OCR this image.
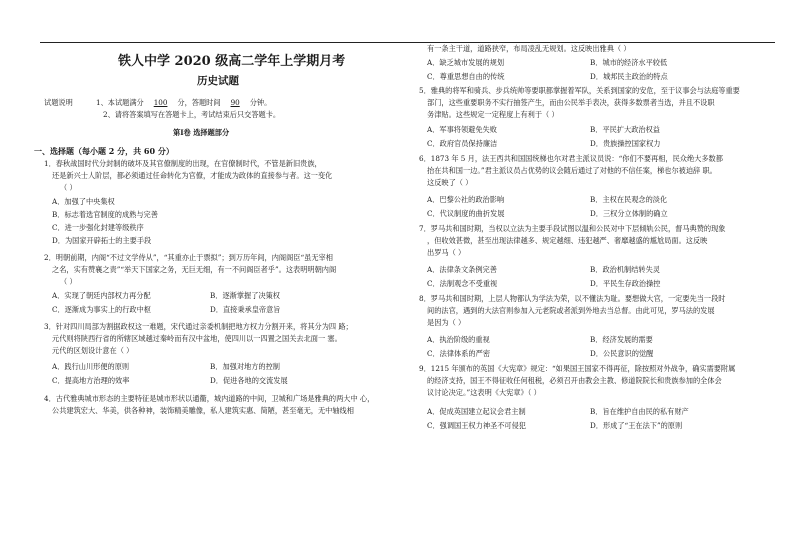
铁人中学 2020 级高二学年上学期月考
历史试题
试题说明	1、本试题满分 100 分，答题时间 90 分钟。
2、请将答案填写在答题卡上，考试结束后只交答题卡。
第Ⅰ卷 选择题部分
一、选择题（每小题 2 分，共 60 分）
1．春秋战国时代分封制的破坏及其官僚制度的出现，在官僚制时代，不管是新旧贵族，
还是新兴士人阶层，都必须通过任命转化为官僚，才能成为政体的直接参与者。这一变化
（ ）
A．加强了中央集权
B．标志着选官制度的成熟与完善
C．进一步强化封建等级秩序
D．为国家开辟拓士的主要手段
2．明朝前期，内阁“不过文学侍从”，“其重亦止于票拟”；到万历年间，内阁阁臣“虽无宰相
之名，实有赞襄之责”“举天下国家之务，无巨无细，有一不问阁臣者乎”。这表明明朝内阁
（ ）
A．实现了朝廷内部权力再分配	B．逐渐掌握了决策权
C．逐渐成为事实上的行政中枢	D．直接秉承皇帝意旨
3．针对四川局部为割据政权这一难题，宋代通过亲委机制把地方权力分割开来，将其分为四 路；
元代则将陕西行省的所辖区域越过秦岭而有汉中盆地，使四川以一四置之国关去北面一 塞。
元代的区划设计意在（ ）
A．践行山川形便的原则	B．加强对地方的控制
C．提高地方治理的效率	D．促进各地的交流发展
4．古代雅典城市形态的主要特征是城市形状以通衢，城内道路的中间，卫城和广场是雅典的两大中 心，
公共建筑宏大、华美，供各种神，装饰精美雕像，私人建筑实惠、简陋，甚至毫无，无中轴线相
有一条主干道，道路狭窄，布局凌乱无规划。这反映出雅典（ ）
A．缺乏城市发展的规划	B．城市的经济水平较低
C．尊重思想自由的传统	D．城邦民主政治的特点
5．雅典的将军和骑兵、步兵统帅等要职都掌握着军队，关系到国家的安危，至于议事会与法庭等重要
部门，这些重要职务不实行抽签产生，而由公民举手表决，获得多数票者当选，并且不设职
务津贴。这些规定一定程度上有利于（ ）
A．军事将领避免失败	B．平民扩大政治权益
C．政府官员保持廉洁	D．贵族操控国家权力
6．1873 年 5 月，法王西共和国国统梯也尔对君主派议员说：“你们不要再相，民众绝大多数都
抬在共和国一边。”君主派议员占优势的议会随后通过了对他的不信任案，梯也尔被迫辞 职。
这反映了（ ）
A．巴黎公社的政治影响	B．主权在民观念的淡化
C．代议制度的曲折发展	D．三权分立体制的确立
7．罗马共和国时期，当权以立法为主要手段试图以温和公民对中下层倾轨公民，督马典赞的现象
，但收效甚微，甚至出现法律越多、规定越细、违犯越严、奢靡越盛的尴尬局面。这反映
出罗马（ ）
A．法律条文条例完善	B．政治机制结转失灵
C．法制观念不受重视	D．平民生存政治操控
8．罗马共和国时期，上层人物都认为学法为荣，以不懂法为耻。要想做大官，一定要先当一段时
间的法官，遇到的大法官则参加入元老院或者派到外地去当总督。由此可见，罗马法的发展
是因为（ ）
A．执治阶级的重视	B．经济发展的需要
C．法律体系的严密	D．公民意识的觉醒
9．1215 年颁布的英国《大宪章》规定：“如果国王国家不得再征，除按照对外战争，确实需要附属
的经济支持，国王不得征收任何租税，必须召开由教会主教、修道院院长和贵族参加的全体会
议讨论决定。”这表明《大宪章》（ ）
A．促成英国建立起议会君主制	B．旨在维护自由民的私有财产
C．强调国王权力神圣不可侵犯	D．形成了“王在法下”的原则
